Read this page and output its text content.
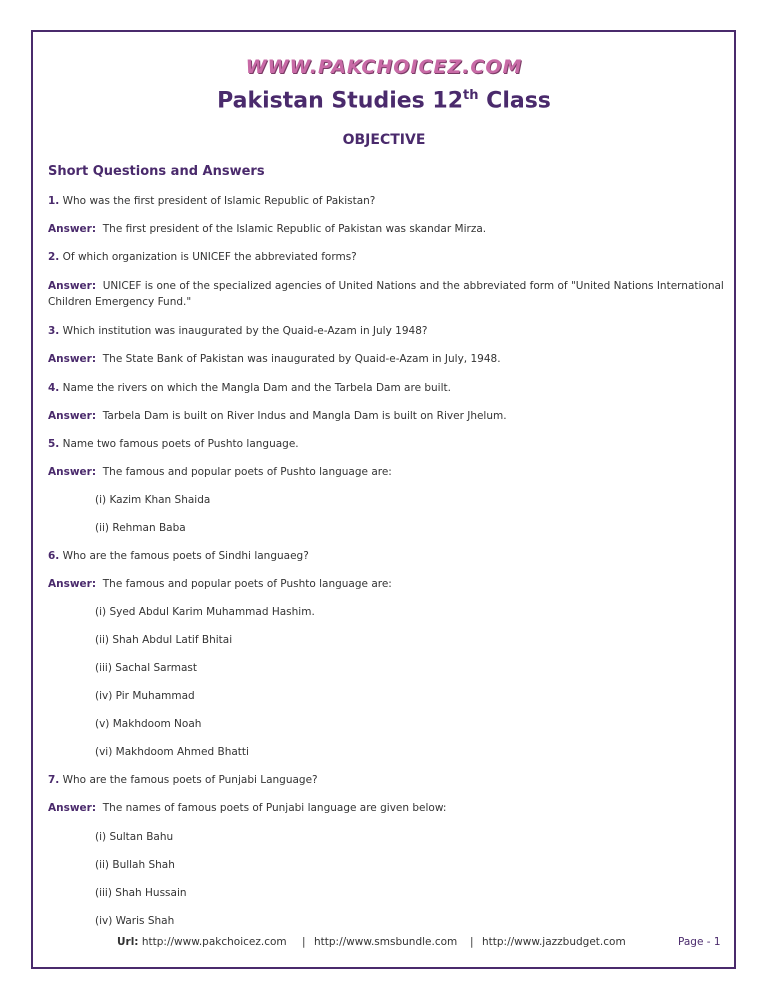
WWW.PAKCHOICEZ.COM
Pakistan Studies 12th Class
OBJECTIVE
Short Questions and Answers
1. Who was the first president of Islamic Republic of Pakistan?
Answer: The first president of the Islamic Republic of Pakistan was skandar Mirza.
2. Of which organization is UNICEF the abbreviated forms?
Answer: UNICEF is one of the specialized agencies of United Nations and the abbreviated form of "United Nations International Children Emergency Fund."
3. Which institution was inaugurated by the Quaid-e-Azam in July 1948?
Answer: The State Bank of Pakistan was inaugurated by Quaid-e-Azam in July, 1948.
4. Name the rivers on which the Mangla Dam and the Tarbela Dam are built.
Answer: Tarbela Dam is built on River Indus and Mangla Dam is built on River Jhelum.
5. Name two famous poets of Pushto language.
Answer: The famous and popular poets of Pushto language are:
(i) Kazim Khan Shaida
(ii) Rehman Baba
6. Who are the famous poets of Sindhi languaeg?
Answer: The famous and popular poets of Pushto language are:
(i) Syed Abdul Karim Muhammad Hashim.
(ii) Shah Abdul Latif Bhitai
(iii) Sachal Sarmast
(iv) Pir Muhammad
(v) Makhdoom Noah
(vi) Makhdoom Ahmed Bhatti
7. Who are the famous poets of Punjabi Language?
Answer: The names of famous poets of Punjabi language are given below:
(i) Sultan Bahu
(ii) Bullah Shah
(iii) Shah Hussain
(iv) Waris Shah
Url: http://www.pakchoicez.com | http://www.smsbundle.com | http://www.jazzbudget.com	Page - 1
